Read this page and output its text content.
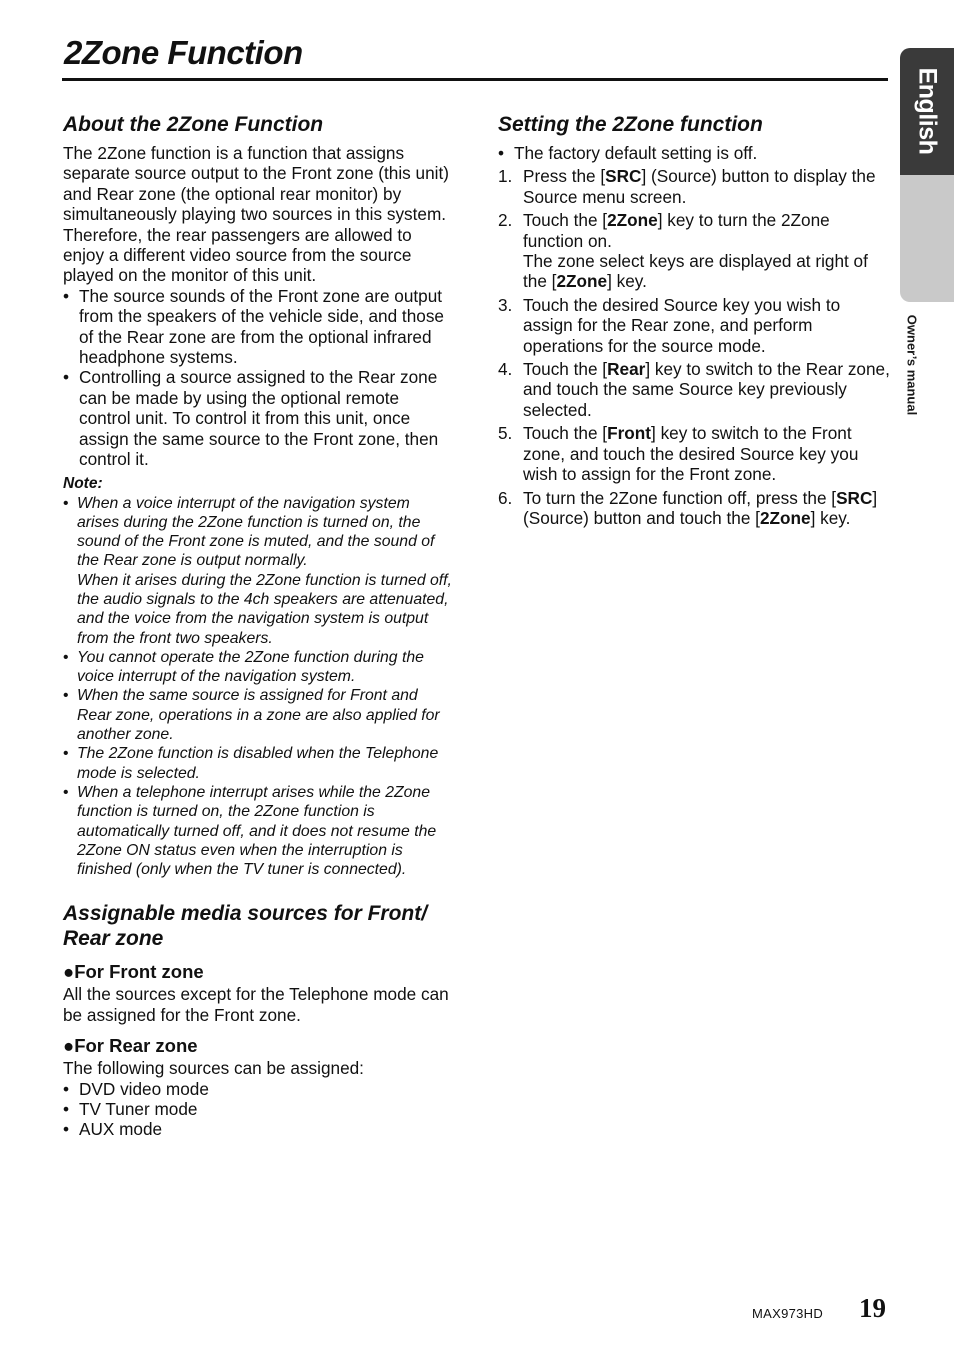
2Zone Function
English
Owner’s manual
About the 2Zone Function

The 2Zone function is a function that assigns separate source output to the Front zone (this unit) and Rear zone (the optional rear monitor) by simultaneously playing two sources in this system. Therefore, the rear passengers are allowed to enjoy a different video source from the source played on the monitor of this unit.

• The source sounds of the Front zone are output from the speakers of the vehicle side, and those of the Rear zone are from the optional infrared headphone systems.
• Controlling a source assigned to the Rear zone can be made by using the optional remote control unit. To control it from this unit, once assign the same source to the Front zone, then control it.
Note:
• When a voice interrupt of the navigation system arises during the 2Zone function is turned on, the sound of the Front zone is muted, and the sound of the Rear zone is output normally.
When it arises during the 2Zone function is turned off, the audio signals to the 4ch speakers are attenuated, and the voice from the navigation system is output from the front two speakers.
• You cannot operate the 2Zone function during the voice interrupt of the navigation system.
• When the same source is assigned for Front and Rear zone, operations in a zone are also applied for another zone.
• The 2Zone function is disabled when the Telephone mode is selected.
• When a telephone interrupt arises while the 2Zone function is turned on, the 2Zone function is automatically turned off, and it does not resume the 2Zone ON status even when the interruption is finished (only when the TV tuner is connected).
Assignable media sources for Front/ Rear zone
●For Front zone

All the sources except for the Telephone mode can be assigned for the Front zone.

●For Rear zone

The following sources can be assigned:

• DVD video mode
• TV Tuner mode
• AUX mode
Setting the 2Zone function
• The factory default setting is off.
1. Press the [SRC] (Source) button to display the Source menu screen.
2. Touch the [2Zone] key to turn the 2Zone function on.
The zone select keys are displayed at right of the [2Zone] key.
3. Touch the desired Source key you wish to assign for the Rear zone, and perform operations for the source mode.
4. Touch the [Rear] key to switch to the Rear zone, and touch the same Source key previously selected.
5. Touch the [Front] key to switch to the Front zone, and touch the desired Source key you wish to assign for the Front zone.
6. To turn the 2Zone function off, press the [SRC] (Source) button and touch the [2Zone] key.
MAX973HD 19
